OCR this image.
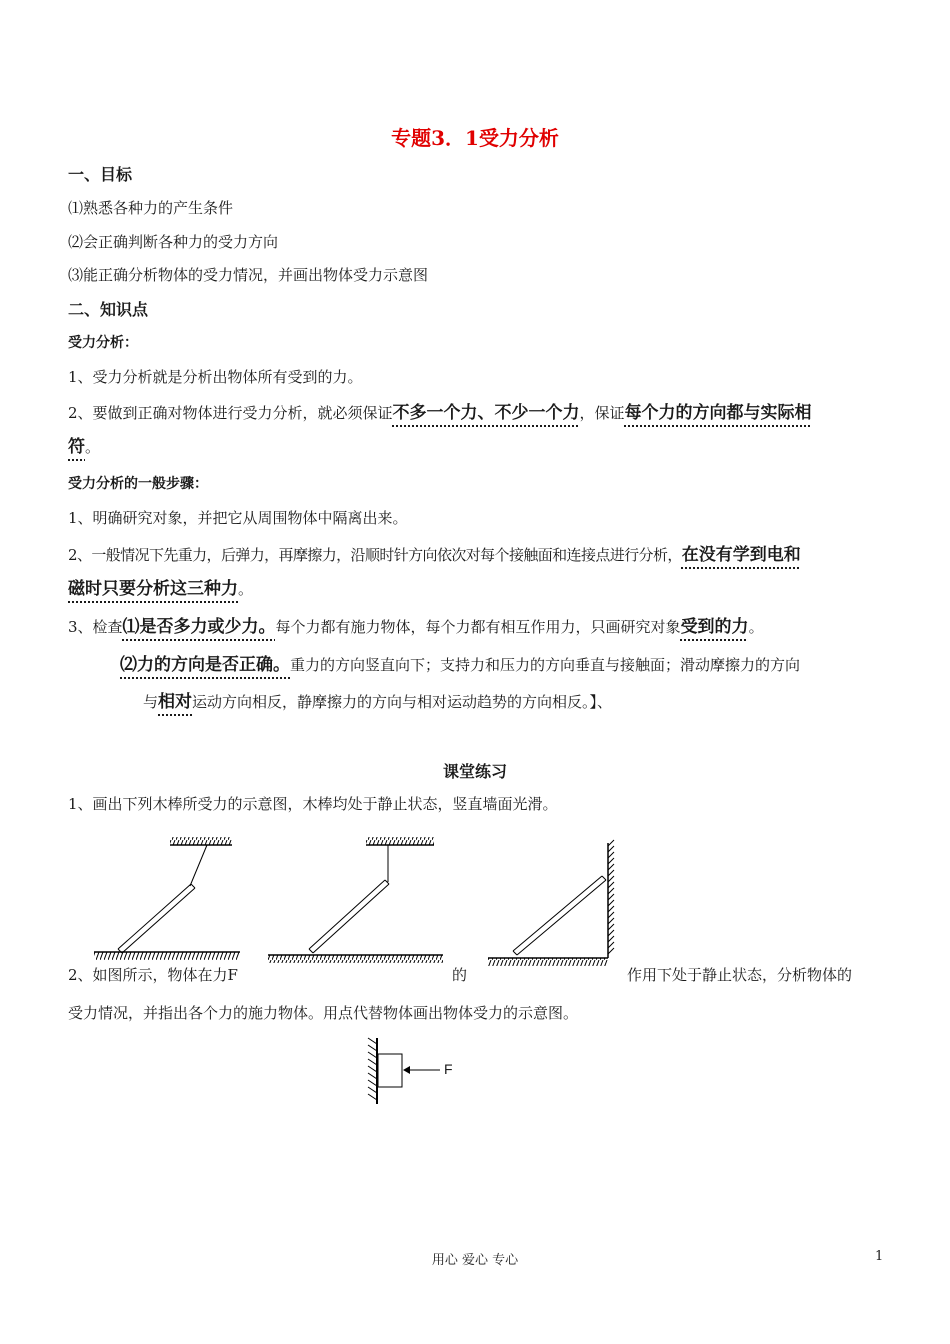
专题3．1受力分析
一、目标
⑴熟悉各种力的产生条件
⑵会正确判断各种力的受力方向
⑶能正确分析物体的受力情况，并画出物体受力示意图
二、知识点
受力分析：
1、受力分析就是分析出物体所有受到的力。
2、要做到正确对物体进行受力分析，就必须保证不多一个力、不少一个力，保证每个力的方向都与实际相
符。
受力分析的一般步骤：
1、明确研究对象，并把它从周围物体中隔离出来。
2、一般情况下先重力，后弹力，再摩擦力，沿顺时针方向依次对每个接触面和连接点进行分析，在没有学到电和
磁时只要分析这三种力。
3、检查⑴是否多力或少力。每个力都有施力物体，每个力都有相互作用力，只画研究对象受到的力。
⑵力的方向是否正确。重力的方向竖直向下；支持力和压力的方向垂直与接触面；滑动摩擦力的方向
与相对运动方向相反，静摩擦力的方向与相对运动趋势的方向相反。】、
课堂练习
1、画出下列木棒所受力的示意图，木棒均处于静止状态，竖直墙面光滑。
F
2、如图所示，物体在力F	的	作用下处于静止状态，分析物体的
受力情况，并指出各个力的施力物体。用点代替物体画出物体受力的示意图。
用心 爱心 专心	1
